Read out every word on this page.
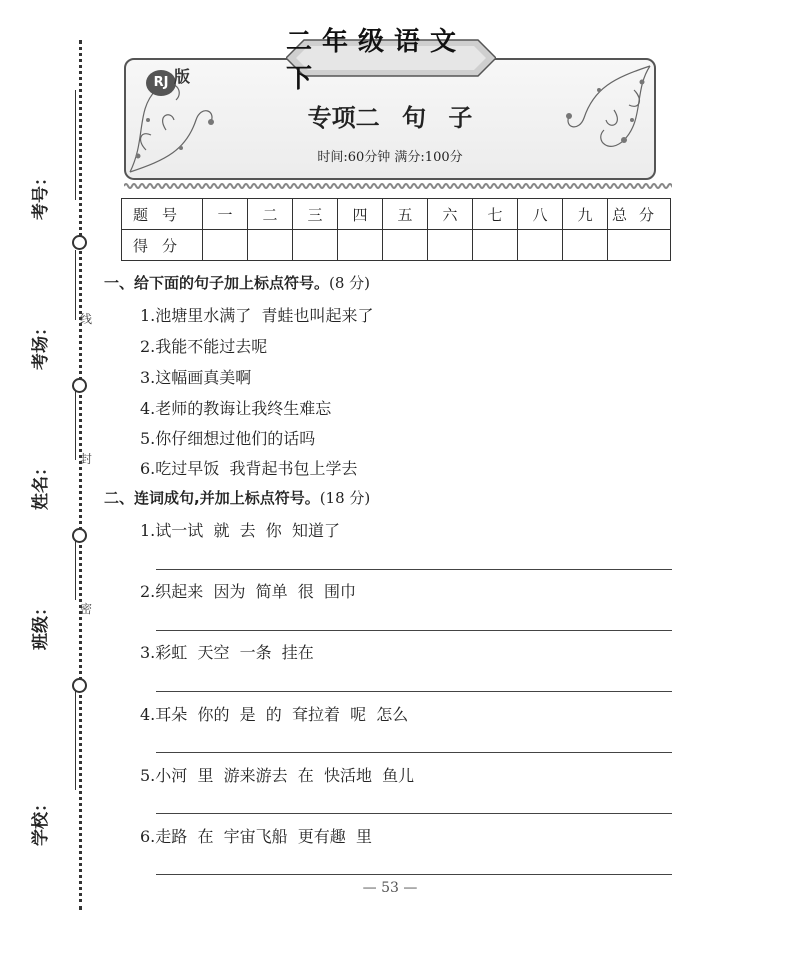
线
封
密
考号：
考场：
姓名：
班级：
学校：
二年级语文下
RJ 版
专项二 句 子
时间:60分钟 满分:100分
题号	一	二	三	四	五	六	七	八	九	总分
得分										
一、给下面的句子加上标点符号。(8 分)
1.池塘里水满了  青蛙也叫起来了
2.我能不能过去呢
3.这幅画真美啊
4.老师的教诲让我终生难忘
5.你仔细想过他们的话吗
6.吃过早饭  我背起书包上学去
二、连词成句,并加上标点符号。(18 分)
1.试一试  就  去  你  知道了
2.织起来  因为  简单  很  围巾
3.彩虹  天空  一条  挂在
4.耳朵  你的  是  的  耷拉着  呢  怎么
5.小河  里  游来游去  在  快活地  鱼儿
6.走路  在  宇宙飞船  更有趣  里
— 53 —
